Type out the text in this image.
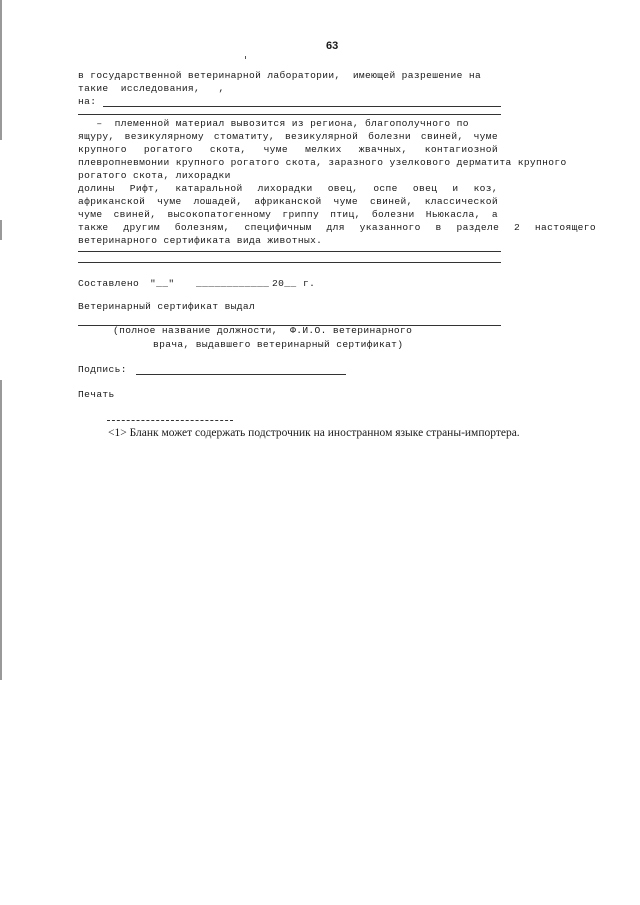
63
в государственной ветеринарной лаборатории,  имеющей разрешение на
такие  исследования,   ,
на:
–  племенной материал вывозится из региона, благополучного по
ящуру, везикулярному стоматиту, везикулярной болезни свиней, чуме
крупного рогатого скота, чуме мелких жвачных, контагиозной
плевропневмонии крупного рогатого скота, заразного узелкового дерматита крупного
рогатого скота, лихорадки
долины Рифт, катаральной лихорадки овец, оспе овец и коз,
африканской чуме лошадей, африканской чуме свиней, классической
чуме свиней, высокопатогенному гриппу птиц, болезни Ньюкасла, а
также другим болезням, специфичным для указанного в разделе 2 настоящего
ветеринарного сертификата вида животных.
Составлено "__" ____________ 20__ г.
Ветеринарный сертификат выдал
(полное название должности,  Ф.И.О. ветеринарного
врача, выдавшего ветеринарный сертификат)
Подпись:
Печать
<1> Бланк может содержать подстрочник на иностранном языке страны-импортера.
